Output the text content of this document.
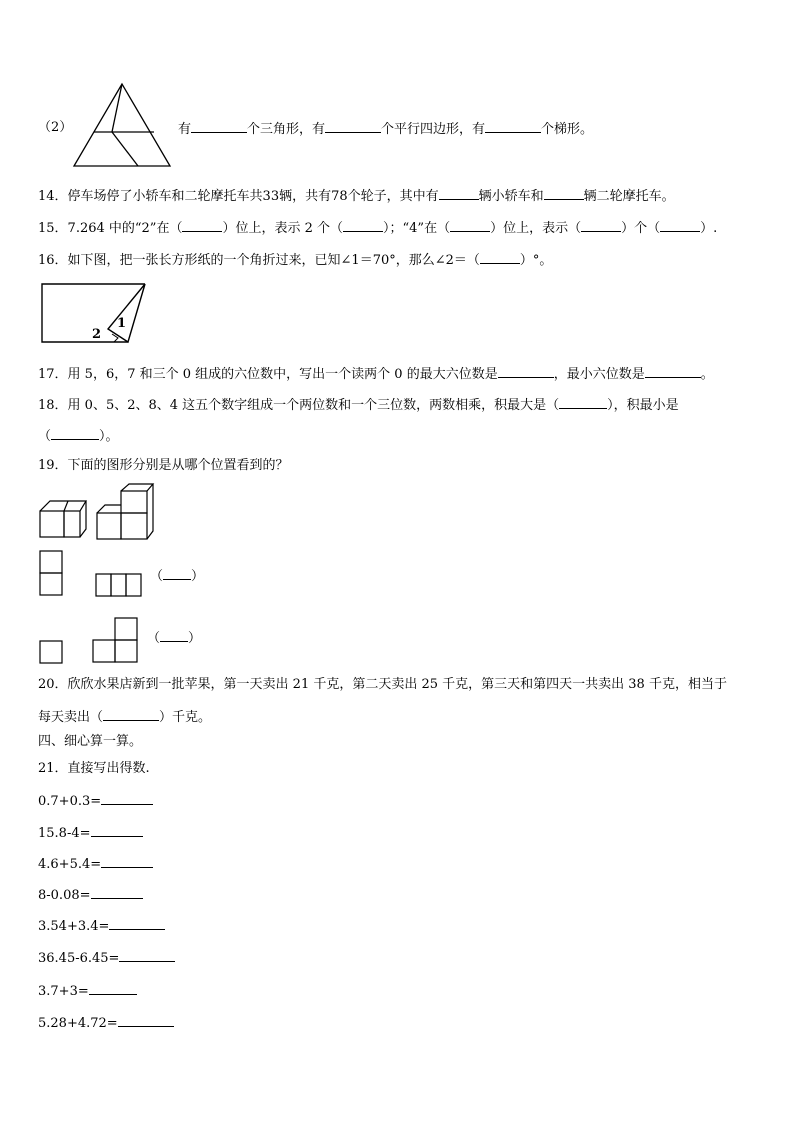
（2）	有	个三角形，有	个平行四边形，有	个梯形。
14．停车场停了小轿车和二轮摩托车共33辆，共有78个轮子，其中有	辆小轿车和	辆二轮摩托车。
15．7.264 中的“2”在（	）位上，表示 2 个（	）；“4”在（	）位上，表示（	）个（	）.
16．如下图，把一张长方形纸的一个角折过来，已知∠1＝70°，那么∠2＝（	）°。
1
2
17．用 5，6，7 和三个 0 组成的六位数中，写出一个读两个 0 的最大六位数是	，最小六位数是	。
18．用 0、5、2、8、4 这五个数字组成一个两位数和一个三位数，两数相乘，积最大是（	），积最小是
（	）。
19．下面的图形分别是从哪个位置看到的？
（ ）
（ ）
20．欣欣水果店新到一批苹果，第一天卖出 21 千克，第二天卖出 25 千克，第三天和第四天一共卖出 38 千克，相当于
每天卖出（	）千克。
四、细心算一算。
21．直接写出得数.
0.7+0.3=
15.8-4=
4.6+5.4=
8-0.08=
3.54+3.4=
36.45-6.45=
3.7+3=
5.28+4.72=
